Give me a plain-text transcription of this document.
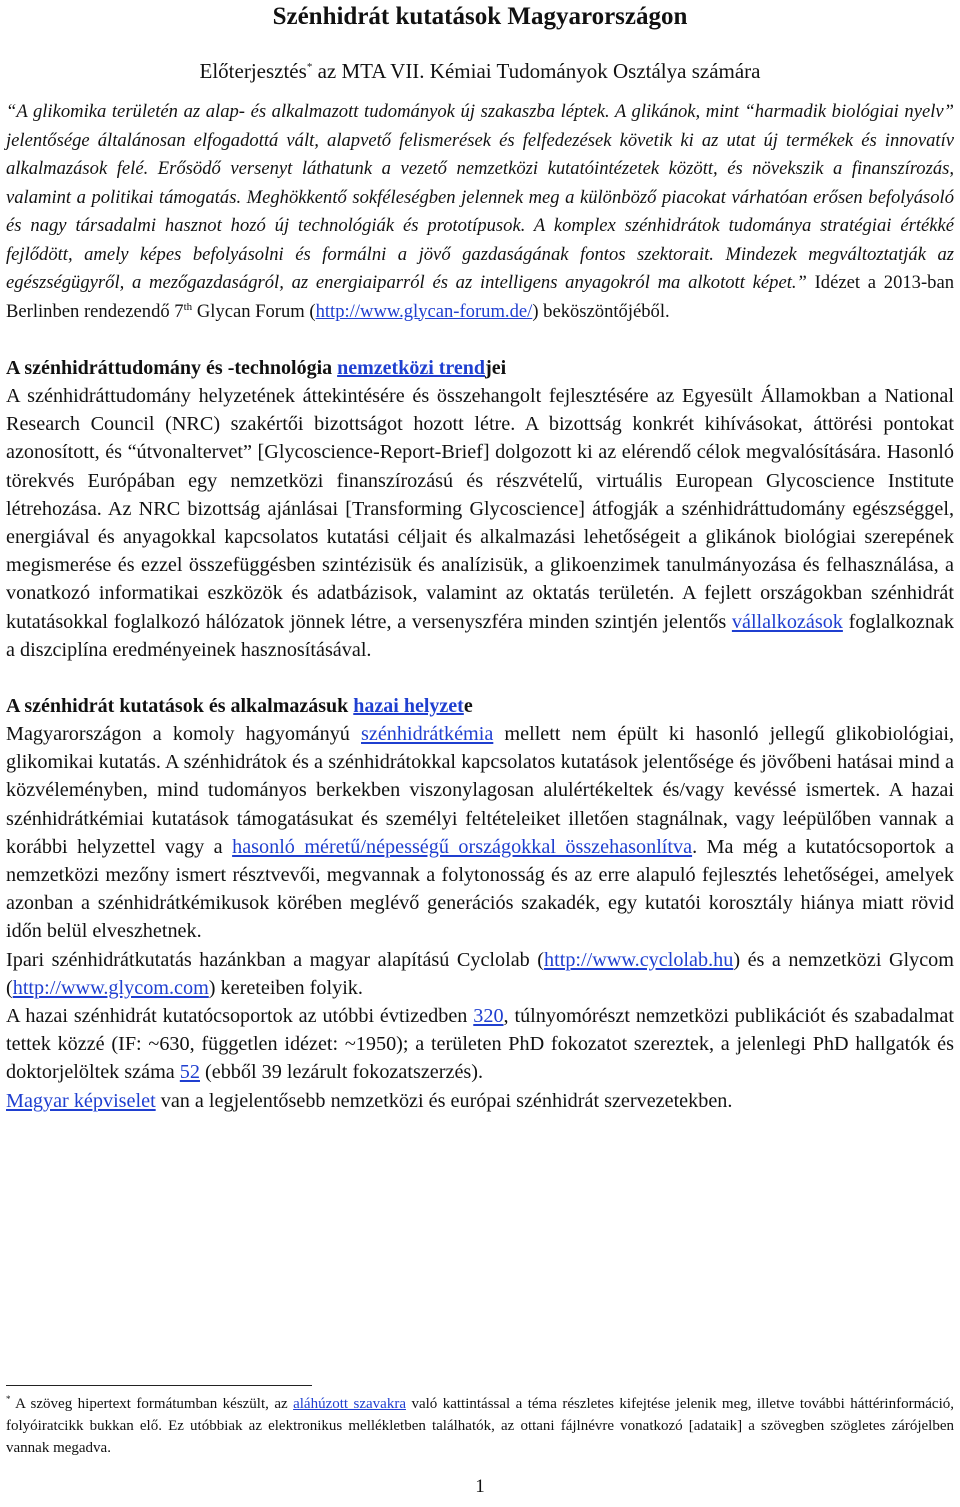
Szénhidrát kutatások Magyarországon

Előterjesztés* az MTA VII. Kémiai Tudományok Osztálya számára

“A glikomika területén az alap- és alkalmazott tudományok új szakaszba léptek. A glikánok, mint “harmadik biológiai nyelv” jelentősége általánosan elfogadottá vált, alapvető felismerések és felfedezések követik ki az utat új termékek és innovatív alkalmazások felé. Erősödő versenyt láthatunk a vezető nemzetközi kutatóintézetek között, és növekszik a finanszírozás, valamint a politikai támogatás. Meghökkentő sokféleségben jelennek meg a különböző piacokat várhatóan erősen befolyásoló és nagy társadalmi hasznot hozó új technológiák és prototípusok. A komplex szénhidrátok tudománya stratégiai értékké fejlődött, amely képes befolyásolni és formálni a jövő gazdaságának fontos szektorait. Mindezek megváltoztatják az egészségügyről, a mezőgazdaságról, az energiaiparról és az intelligens anyagokról ma alkotott képet.” Idézet a 2013-ban Berlinben rendezendő 7th Glycan Forum (http://www.glycan-forum.de/) beköszöntőjéből.

A szénhidráttudomány és -technológia nemzetközi trendjei

A szénhidráttudomány helyzetének áttekintésére és összehangolt fejlesztésére az Egyesült Államokban a National Research Council (NRC) szakértői bizottságot hozott létre. A bizottság konkrét kihívásokat, áttörési pontokat azonosított, és “útvonaltervet” [Glycoscience-Report-Brief] dolgozott ki az elérendő célok megvalósítására. Hasonló törekvés Európában egy nemzetközi finanszírozású és részvételű, virtuális European Glycoscience Institute létrehozása. Az NRC bizottság ajánlásai [Transforming Glycoscience] átfogják a szénhidráttudomány egészséggel, energiával és anyagokkal kapcsolatos kutatási céljait és alkalmazási lehetőségeit a glikánok biológiai szerepének megismerése és ezzel összefüggésben szintézisük és analízisük, a glikoenzimek tanulmányozása és felhasználása, a vonatkozó informatikai eszközök és adatbázisok, valamint az oktatás területén. A fejlett országokban szénhidrát kutatásokkal foglalkozó hálózatok jönnek létre, a versenyszféra minden szintjén jelentős vállalkozások foglalkoznak a diszciplína eredményeinek hasznosításával.

A szénhidrát kutatások és alkalmazásuk hazai helyzete

Magyarországon a komoly hagyományú szénhidrátkémia mellett nem épült ki hasonló jellegű glikobiológiai, glikomikai kutatás. A szénhidrátok és a szénhidrátokkal kapcsolatos kutatások jelentősége és jövőbeni hatásai mind a közvéleményben, mind tudományos berkekben viszonylagosan alulértékeltek és/vagy kevéssé ismertek. A hazai szénhidrátkémiai kutatások támogatásukat és személyi feltételeiket illetően stagnálnak, vagy leépülőben vannak a korábbi helyzettel vagy a hasonló méretű/népességű országokkal összehasonlítva. Ma még a kutatócsoportok a nemzetközi mezőny ismert résztvevői, megvannak a folytonosság és az erre alapuló fejlesztés lehetőségei, amelyek azonban a szénhidrátkémikusok körében meglévő generációs szakadék, egy kutatói korosztály hiánya miatt rövid időn belül elveszhetnek.

Ipari szénhidrátkutatás hazánkban a magyar alapítású Cyclolab (http://www.cyclolab.hu) és a nemzetközi Glycom (http://www.glycom.com) kereteiben folyik.

A hazai szénhidrát kutatócsoportok az utóbbi évtizedben 320, túlnyomórészt nemzetközi publikációt és szabadalmat tettek közzé (IF: ~630, független idézet: ~1950); a területen PhD fokozatot szereztek, a jelenlegi PhD hallgatók és doktorjelöltek száma 52 (ebből 39 lezárult fokozatszerzés).

Magyar képviselet van a legjelentősebb nemzetközi és európai szénhidrát szervezetekben.

* A szöveg hipertext formátumban készült, az aláhúzott szavakra való kattintással a téma részletes kifejtése jelenik meg, illetve további háttérinformáció, folyóiratcikk bukkan elő. Ez utóbbiak az elektronikus mellékletben találhatók, az ottani fájlnévre vonatkozó [adataik] a szövegben szögletes zárójelben vannak megadva.

1
